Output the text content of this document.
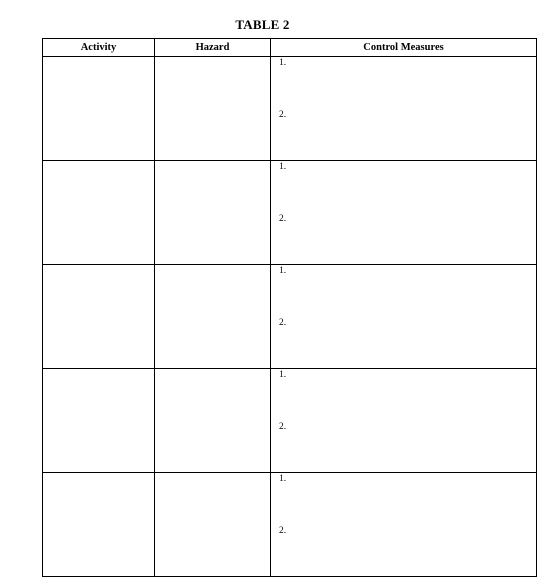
TABLE 2
Activity	Hazard	Control Measures

		1.
2.

		1.
2.

		1.
2.

		1.
2.

		1.
2.
